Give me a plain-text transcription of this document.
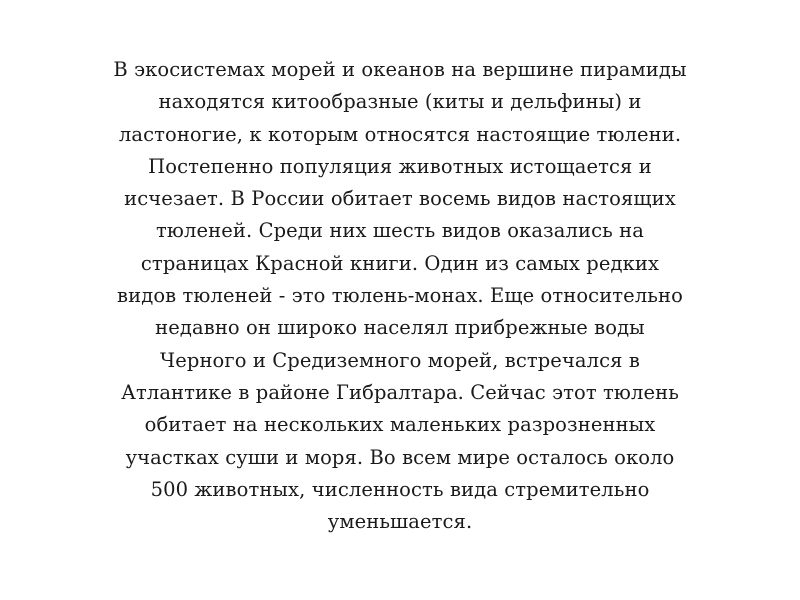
В экосистемах морей и океанов на вершине пирамиды
находятся китообразные (киты и дельфины) и
ластоногие, к которым относятся настоящие тюлени.
Постепенно популяция животных истощается и
исчезает. В России обитает восемь видов настоящих
тюленей. Среди них шесть видов оказались на
страницах Красной книги. Один из самых редких
видов тюленей - это тюлень-монах. Еще относительно
недавно он широко населял прибрежные воды
Черного и Средиземного морей, встречался в
Атлантике в районе Гибралтара. Сейчас этот тюлень
обитает на нескольких маленьких разрозненных
участках суши и моря. Во всем мире осталось около
500 животных, численность вида стремительно
уменьшается.
